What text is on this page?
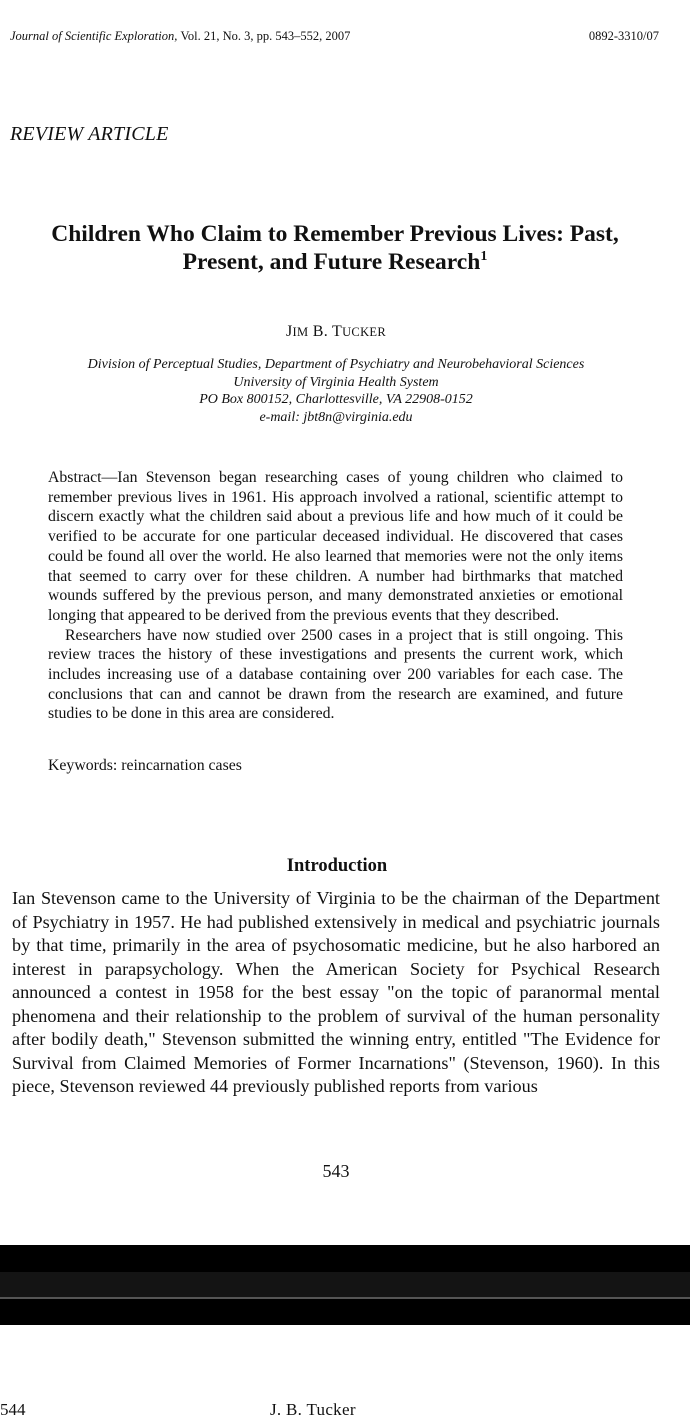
Journal of Scientific Exploration, Vol. 21, No. 3, pp. 543–552, 2007	0892-3310/07
REVIEW ARTICLE
Children Who Claim to Remember Previous Lives: Past,
Present, and Future Research$^1$
JIM B. TUCKER
Division of Perceptual Studies, Department of Psychiatry and Neurobehavioral Sciences
University of Virginia Health System
PO Box 800152, Charlottesville, VA 22908-0152
e-mail: jbt8n@virginia.edu

Abstract—Ian Stevenson began researching cases of young children who claimed to remember previous lives in 1961. His approach involved a rational, scientific attempt to discern exactly what the children said about a previous life and how much of it could be verified to be accurate for one particular deceased individual. He discovered that cases could be found all over the world. He also learned that memories were not the only items that seemed to carry over for these children. A number had birthmarks that matched wounds suffered by the previous person, and many demonstrated anxieties or emotional longing that appeared to be derived from the previous events that they described.

Researchers have now studied over 2500 cases in a project that is still ongoing. This review traces the history of these investigations and presents the current work, which includes increasing use of a database containing over 200 variables for each case. The conclusions that can and cannot be drawn from the research are examined, and future studies to be done in this area are considered.

Keywords: reincarnation cases
Introduction

Ian Stevenson came to the University of Virginia to be the chairman of the Department of Psychiatry in 1957. He had published extensively in medical and psychiatric journals by that time, primarily in the area of psychosomatic medicine, but he also harbored an interest in parapsychology. When the American Society for Psychical Research announced a contest in 1958 for the best essay "on the topic of paranormal mental phenomena and their relationship to the problem of survival of the human personality after bodily death," Stevenson submitted the winning entry, entitled "The Evidence for Survival from Claimed Memories of Former Incarnations" (Stevenson, 1960). In this piece, Stevenson reviewed 44 previously published reports from various

543
544	J. B. Tucker
